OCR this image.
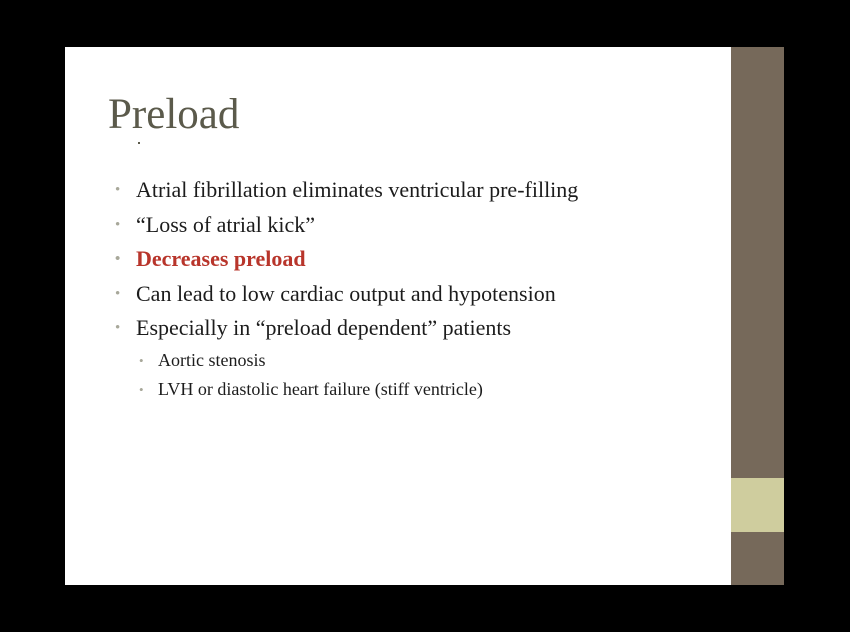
Preload
• Atrial fibrillation eliminates ventricular pre-filling
• “Loss of atrial kick”
• Decreases preload
• Can lead to low cardiac output and hypotension
• Especially in “preload dependent” patients
• Aortic stenosis
• LVH or diastolic heart failure (stiff ventricle)
